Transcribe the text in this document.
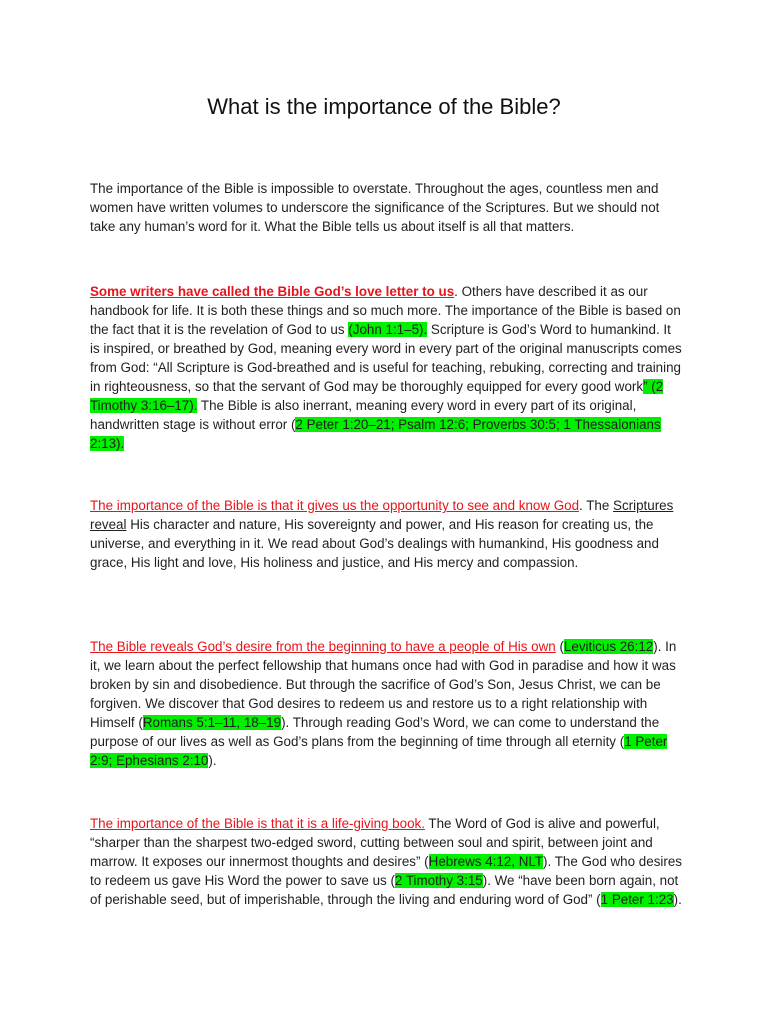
What is the importance of the Bible?

The importance of the Bible is impossible to overstate. Throughout the ages, countless men and women have written volumes to underscore the significance of the Scriptures. But we should not take any human’s word for it. What the Bible tells us about itself is all that matters.

Some writers have called the Bible God’s love letter to us. Others have described it as our handbook for life. It is both these things and so much more. The importance of the Bible is based on the fact that it is the revelation of God to us (John 1:1–5). Scripture is God’s Word to humankind. It is inspired, or breathed by God, meaning every word in every part of the original manuscripts comes from God: “All Scripture is God-breathed and is useful for teaching, rebuking, correcting and training in righteousness, so that the servant of God may be thoroughly equipped for every good work” (2 Timothy 3:16–17). The Bible is also inerrant, meaning every word in every part of its original, handwritten stage is without error (2 Peter 1:20–21; Psalm 12:6; Proverbs 30:5; 1 Thessalonians 2:13).

The importance of the Bible is that it gives us the opportunity to see and know God. The Scriptures reveal His character and nature, His sovereignty and power, and His reason for creating us, the universe, and everything in it. We read about God’s dealings with humankind, His goodness and grace, His light and love, His holiness and justice, and His mercy and compassion.

The Bible reveals God’s desire from the beginning to have a people of His own (Leviticus 26:12). In it, we learn about the perfect fellowship that humans once had with God in paradise and how it was broken by sin and disobedience. But through the sacrifice of God’s Son, Jesus Christ, we can be forgiven. We discover that God desires to redeem us and restore us to a right relationship with Himself (Romans 5:1–11, 18–19). Through reading God’s Word, we can come to understand the purpose of our lives as well as God’s plans from the beginning of time through all eternity (1 Peter 2:9; Ephesians 2:10).

The importance of the Bible is that it is a life-giving book. The Word of God is alive and powerful, “sharper than the sharpest two-edged sword, cutting between soul and spirit, between joint and marrow. It exposes our innermost thoughts and desires” (Hebrews 4:12, NLT). The God who desires to redeem us gave His Word the power to save us (2 Timothy 3:15). We “have been born again, not of perishable seed, but of imperishable, through the living and enduring word of God” (1 Peter 1:23).
